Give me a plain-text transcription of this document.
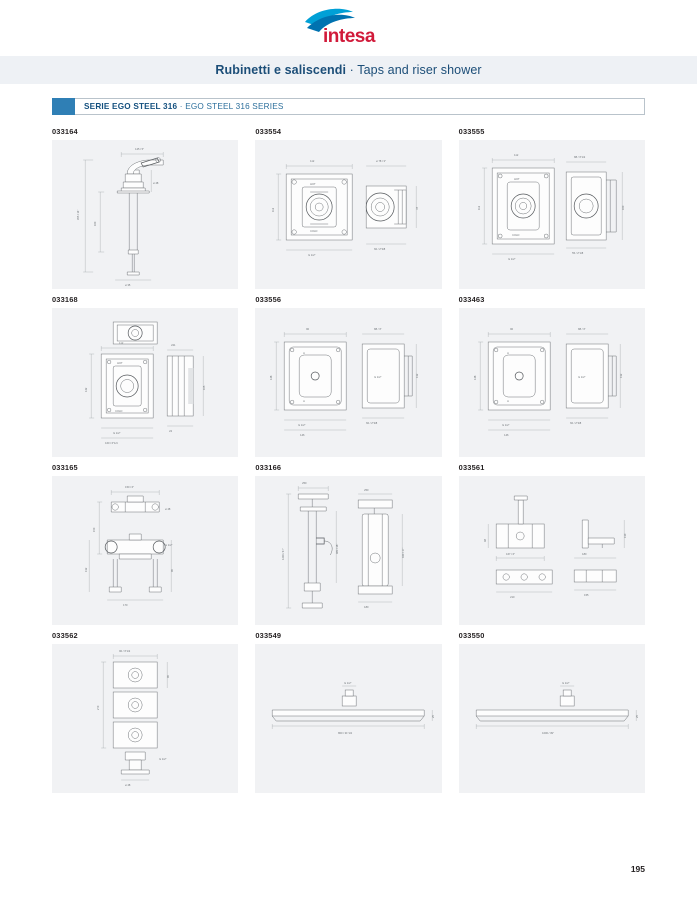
intesa
Rubinetti e saliscendi · Taps and riser shower
SERIE EGO STEEL 316 · EGO STEEL 316 SERIES
033164
355 / 14"
160
125 / 5"
ø 48
ø 35
033554
HOT
COLD
112	ø 78 / 3"
112	78
G 1/2"
60 / 2"3/8
033555
HOT
COLD
112
88 / 3"1/2
112	160
G 1/2"
55 / 2"1/8
033168
HOT
COLD
112
221
142	105
G 1/2"
160 / 6"1/4
22
033556
A
A
G 1/2"
90	88 / 3"
148	132
G 1/2"
146
60 / 2"3/8
033463
A
A
G 1/2"
90	88 / 3"
148	132
G 1/2"
146
60 / 2"3/8
033165
150
132	90
150 / 6"
170
ø 48
G 1/2"
033166
1200 / 47"	980 / 38"
250
250
440 / 17"
180
033561
167 / 6"
48
180
210
155
130
033562
270
90
90 / 3"1/2
ø 48
G 1/2"
033549
800 / 31"1/2
G 1/2"
25
033550
1000 / 39"
G 1/2"
25
195
